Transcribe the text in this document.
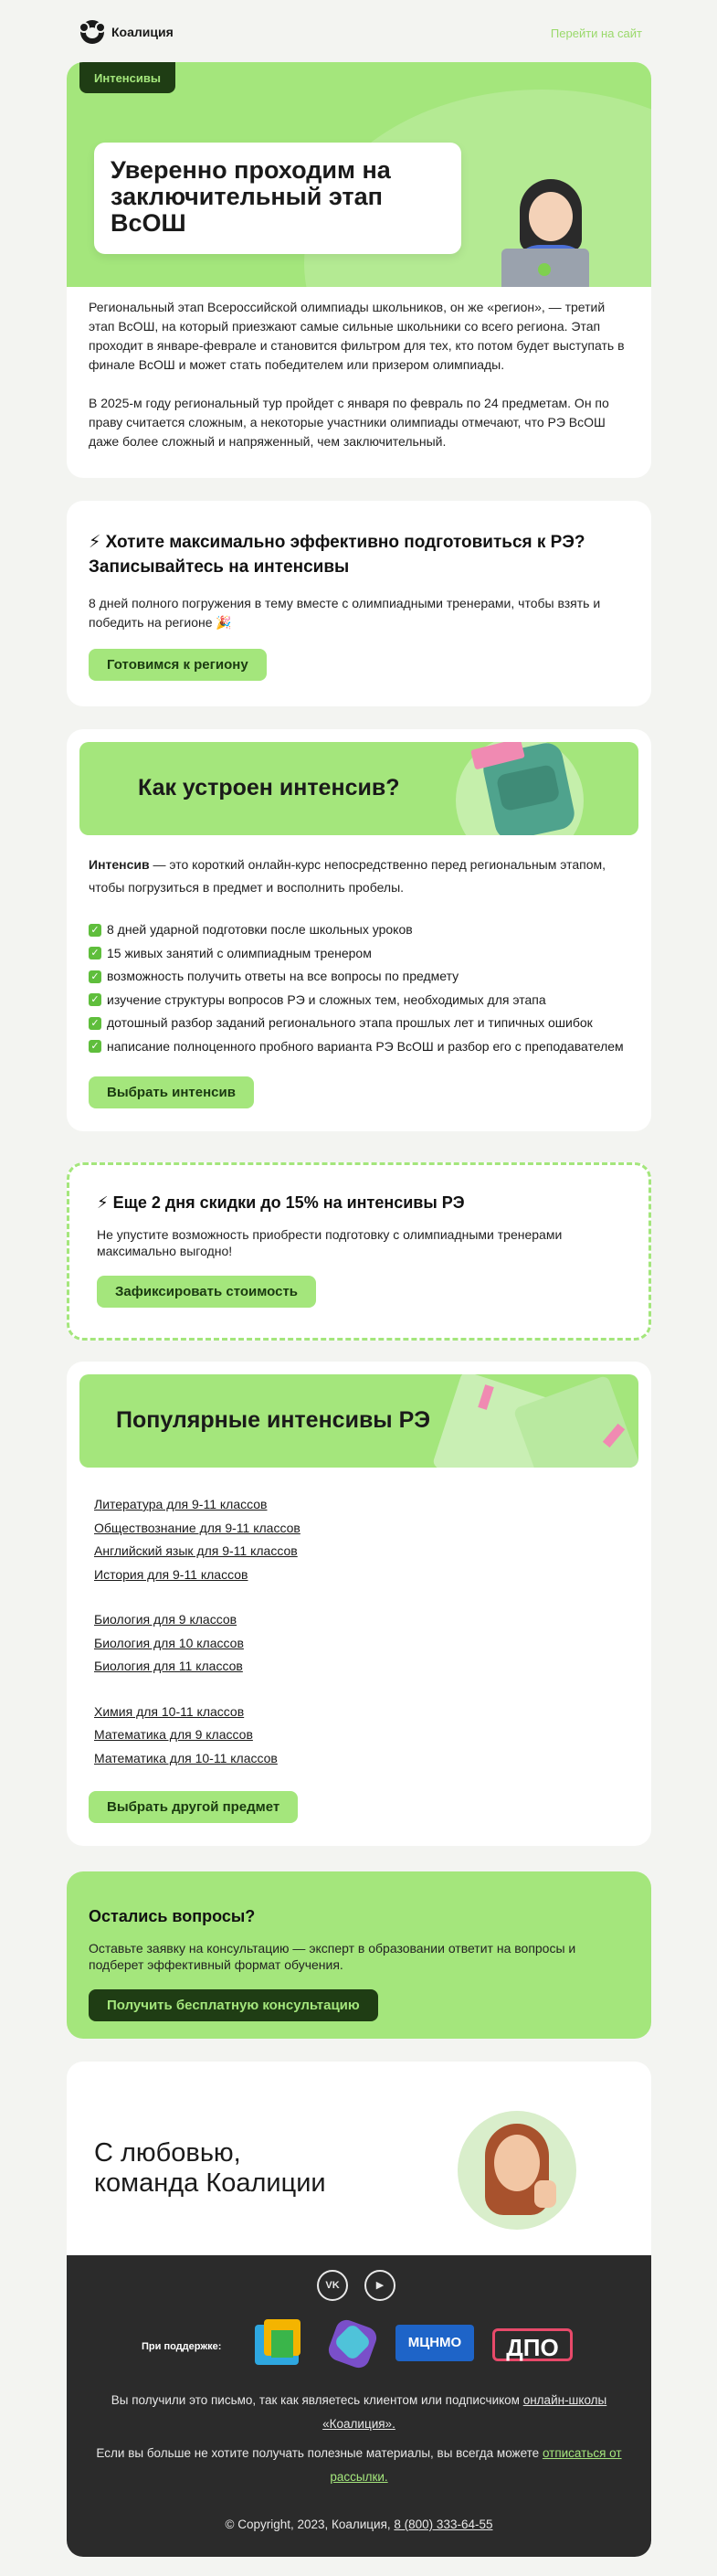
Коалиция	Перейти на сайт
Интенсивы
Уверенно проходим на заключительный этап ВсОШ

Региональный этап Всероссийской олимпиады школьников, он же «регион», — третий этап ВсОШ, на который приезжают самые сильные школьники со всего региона. Этап проходит в январе-феврале и становится фильтром для тех, кто потом будет выступать в финале ВсОШ и может стать победителем или призером олимпиады.

В 2025-м году региональный тур пройдет с января по февраль по 24 предметам. Он по праву считается сложным, а некоторые участники олимпиады отмечают, что РЭ ВсОШ даже более сложный и напряженный, чем заключительный.

⚡ Хотите максимально эффективно подготовиться к РЭ? Записывайтесь на интенсивы

8 дней полного погружения в тему вместе с олимпиадными тренерами, чтобы взять и победить на регионе 🎉

Готовимся к региону
Как устроен интенсив?

Интенсив — это короткий онлайн-курс непосредственно перед региональным этапом, чтобы погрузиться в предмет и восполнить пробелы.

✓ 8 дней ударной подготовки после школьных уроков
✓ 15 живых занятий с олимпиадным тренером
✓ возможность получить ответы на все вопросы по предмету
✓ изучение структуры вопросов РЭ и сложных тем, необходимых для этапа
✓ дотошный разбор заданий регионального этапа прошлых лет и типичных ошибок
✓ написание полноценного пробного варианта РЭ ВсОШ и разбор его с преподавателем
Выбрать интенсив
⚡ Еще 2 дня скидки до 15% на интенсивы РЭ

Не упустите возможность приобрести подготовку с олимпиадными тренерами максимально выгодно!

Зафиксировать стоимость
Популярные интенсивы РЭ
Литература для 9-11 классов
Обществознание для 9-11 классов
Английский язык для 9-11 классов
История для 9-11 классов
Биология для 9 классов
Биология для 10 классов
Биология для 11 классов
Химия для 10-11 классов
Математика для 9 классов
Математика для 10-11 классов
Выбрать другой предмет
Остались вопросы?

Оставьте заявку на консультацию — эксперт в образовании ответит на вопросы и подберет эффективный формат обучения.

Получить бесплатную консультацию
С любовью,
команда Коалиции
VK	▶
При поддержке:	МЦНМО	ДПО
Вы получили это письмо, так как являетесь клиентом или подписчиком онлайн-школы «Коалиция».
Если вы больше не хотите получать полезные материалы, вы всегда можете отписаться от рассылки.
© Copyright, 2023, Коалиция, 8 (800) 333-64-55
